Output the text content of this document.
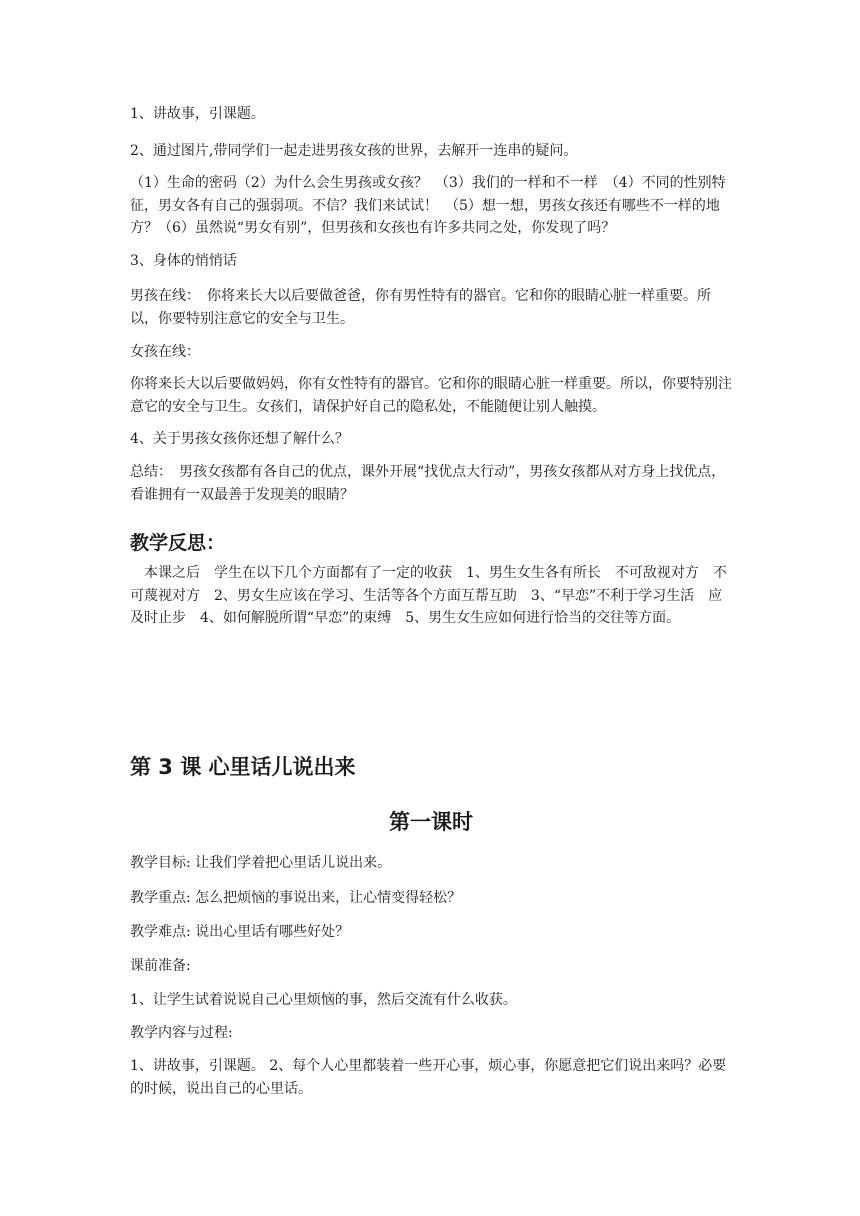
1、讲故事，引课题。

2、通过图片,带同学们一起走进男孩女孩的世界，去解开一连串的疑问。

（1）生命的密码（2）为什么会生男孩或女孩？　（3）我们的一样和不一样　（4）不同的性别特征，男女各有自己的强弱项。不信？我们来试试！　（5）想一想，男孩女孩还有哪些不一样的地方？（6）虽然说“男女有别”，但男孩和女孩也有许多共同之处，你发现了吗？

3、身体的悄悄话

男孩在线：　你将来长大以后要做爸爸，你有男性特有的器官。它和你的眼睛心脏一样重要。所以，你要特别注意它的安全与卫生。

女孩在线：

你将来长大以后要做妈妈，你有女性特有的器官。它和你的眼睛心脏一样重要。所以，你要特别注意它的安全与卫生。女孩们，请保护好自己的隐私处，不能随便让别人触摸。

4、关于男孩女孩你还想了解什么？

总结：　男孩女孩都有各自己的优点，课外开展“找优点大行动”，男孩女孩都从对方身上找优点，看谁拥有一双最善于发现美的眼睛？

教学反思：

　本课之后　学生在以下几个方面都有了一定的收获　1、男生女生各有所长　不可敌视对方　不可蔑视对方　2、男女生应该在学习、生活等各个方面互帮互助　3、“早恋”不利于学习生活　应及时止步　4、如何解脱所谓“早恋”的束缚　5、男生女生应如何进行恰当的交往等方面。

第 3 课 心里话儿说出来
第一课时

教学目标: 让我们学着把心里话儿说出来。

教学重点: 怎么把烦恼的事说出来，让心情变得轻松？

教学难点: 说出心里话有哪些好处？

课前准备:

1、让学生试着说说自己心里烦恼的事，然后交流有什么收获。

教学内容与过程:

1、讲故事，引课题。 2、每个人心里都装着一些开心事，烦心事，你愿意把它们说出来吗？必要的时候，说出自己的心里话。
